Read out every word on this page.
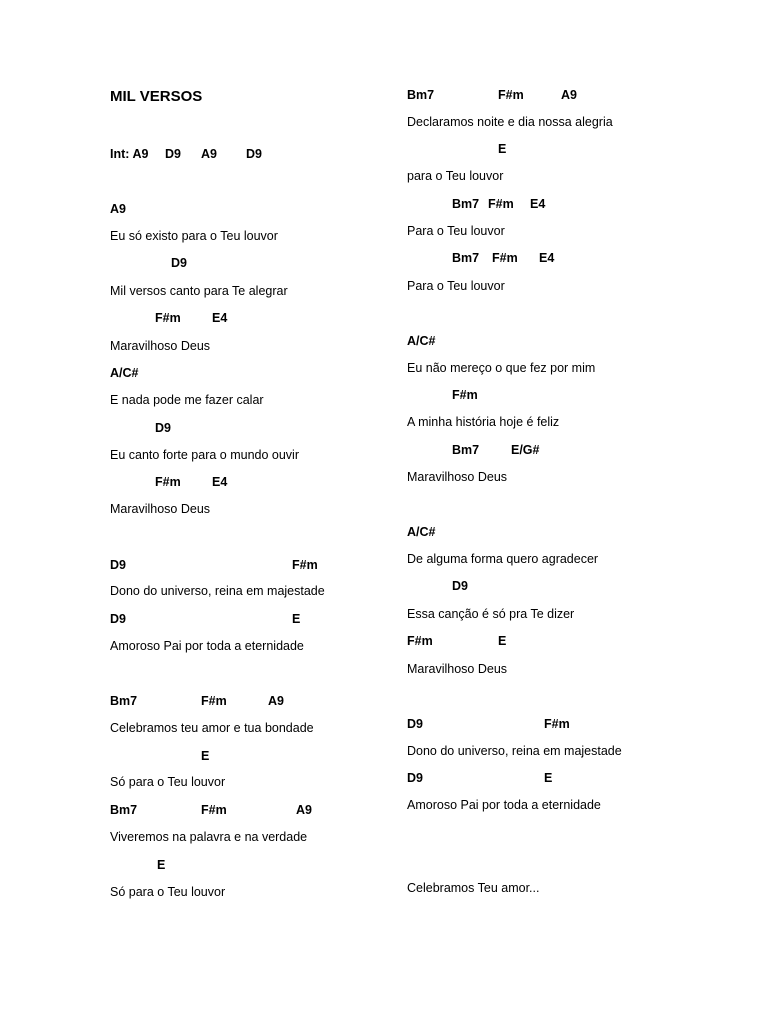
MIL VERSOS

Int: A9

D9

A9

D9

A9
Eu só existo para o Teu louvor
D9
Mil versos canto para Te alegrar
F#m	E4
Maravilhoso Deus
A/C#
E nada pode me fazer calar
D9
Eu canto forte para o mundo ouvir
F#m	E4
Maravilhoso Deus
D9	F#m
Dono do universo, reina em majestade
D9	E
Amoroso Pai por toda a eternidade
Bm7	F#m	A9
Celebramos teu amor e tua bondade
E
Só para o Teu louvor
Bm7	F#m	A9
Viveremos na palavra e na verdade
E
Só para o Teu louvor
Bm7	F#m	A9
Declaramos noite e dia nossa alegria
E
para o Teu louvor
Bm7 F#m E4
Para o Teu louvor
Bm7 F#m E4
Para o Teu louvor
A/C#
Eu não mereço o que fez por mim
F#m
A minha história hoje é feliz
Bm7	E/G#
Maravilhoso Deus
A/C#
De alguma forma quero agradecer
D9
Essa canção é só pra Te dizer
F#m	E
Maravilhoso Deus
D9	F#m
Dono do universo, reina em majestade
D9	E
Amoroso Pai por toda a eternidade
Celebramos Teu amor...
